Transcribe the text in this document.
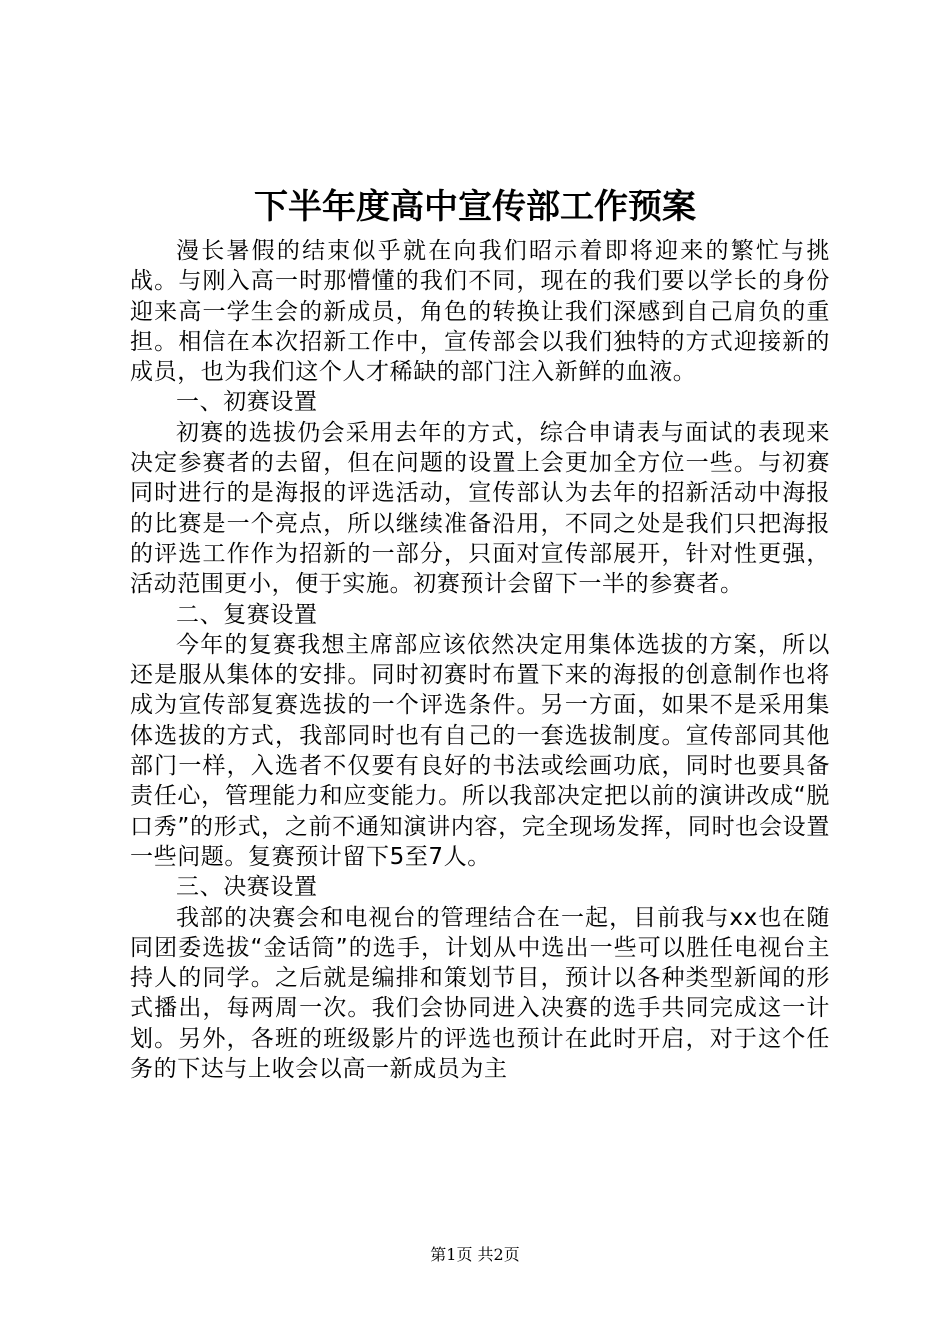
下半年度高中宣传部工作预案

漫长暑假的结束似乎就在向我们昭示着即将迎来的繁忙与挑战。与刚入高一时那懵懂的我们不同，现在的我们要以学长的身份迎来高一学生会的新成员，角色的转换让我们深感到自己肩负的重担。相信在本次招新工作中，宣传部会以我们独特的方式迎接新的成员，也为我们这个人才稀缺的部门注入新鲜的血液。

一、初赛设置

初赛的选拔仍会采用去年的方式，综合申请表与面试的表现来决定参赛者的去留，但在问题的设置上会更加全方位一些。与初赛同时进行的是海报的评选活动，宣传部认为去年的招新活动中海报的比赛是一个亮点，所以继续准备沿用，不同之处是我们只把海报的评选工作作为招新的一部分，只面对宣传部展开，针对性更强，活动范围更小，便于实施。初赛预计会留下一半的参赛者。

二、复赛设置

今年的复赛我想主席部应该依然决定用集体选拔的方案，所以还是服从集体的安排。同时初赛时布置下来的海报的创意制作也将成为宣传部复赛选拔的一个评选条件。另一方面，如果不是采用集体选拔的方式，我部同时也有自己的一套选拔制度。宣传部同其他部门一样，入选者不仅要有良好的书法或绘画功底，同时也要具备责任心，管理能力和应变能力。所以我部决定把以前的演讲改成“脱口秀”的形式，之前不通知演讲内容，完全现场发挥，同时也会设置一些问题。复赛预计留下5至7人。

三、决赛设置

我部的决赛会和电视台的管理结合在一起，目前我与xx也在随同团委选拔“金话筒”的选手，计划从中选出一些可以胜任电视台主持人的同学。之后就是编排和策划节目，预计以各种类型新闻的形式播出，每两周一次。我们会协同进入决赛的选手共同完成这一计划。另外，各班的班级影片的评选也预计在此时开启，对于这个任务的下达与上收会以高一新成员为主

第1页 共2页
